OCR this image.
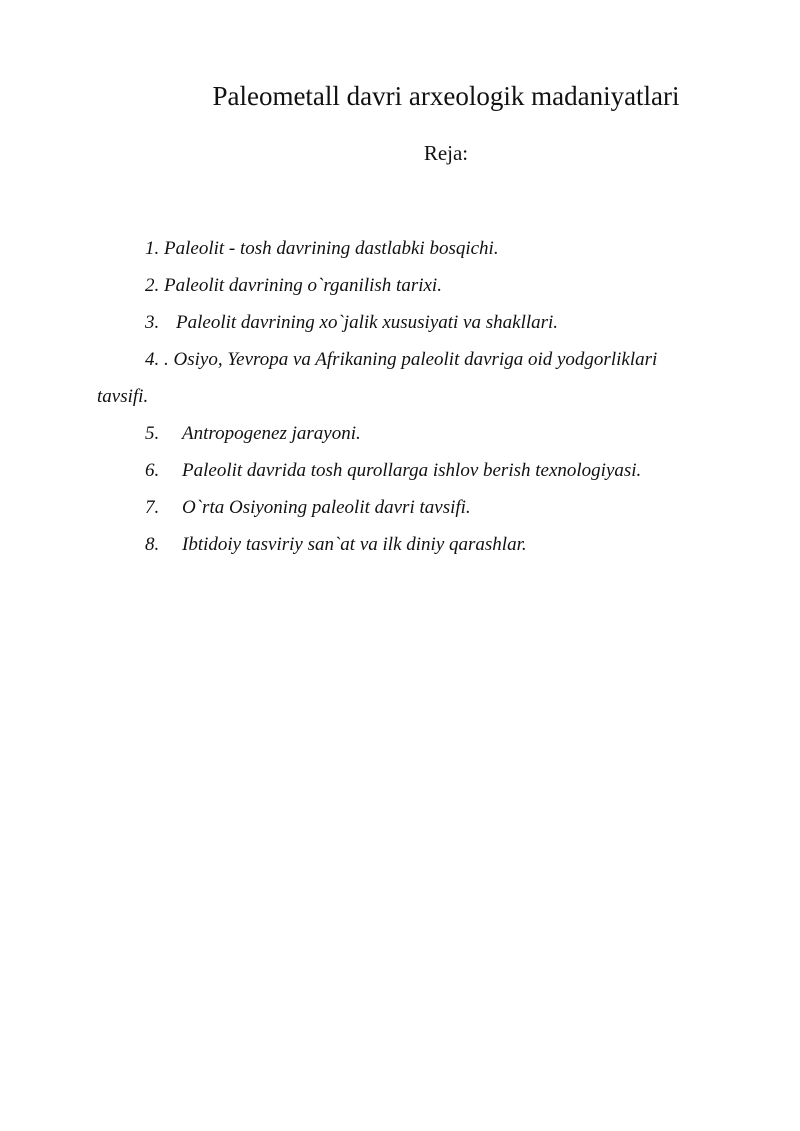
Paleometall davri arxeologik madaniyatlari
Reja:
1. Paleolit - tosh davrining dastlabki bosqichi.
2. Paleolit davrining o`rganilish tarixi.
3. Paleolit davrining xo`jalik xususiyati va shakllari.
4. . Osiyo, Yevropa va Afrikaning paleolit davriga oid yodgorliklari
tavsifi.
5. Antropogenez jarayoni.
6. Paleolit davrida tosh qurollarga ishlov berish texnologiyasi.
7. O`rta Osiyoning paleolit davri tavsifi.
8. Ibtidoiy tasviriy san`at va ilk diniy qarashlar.
